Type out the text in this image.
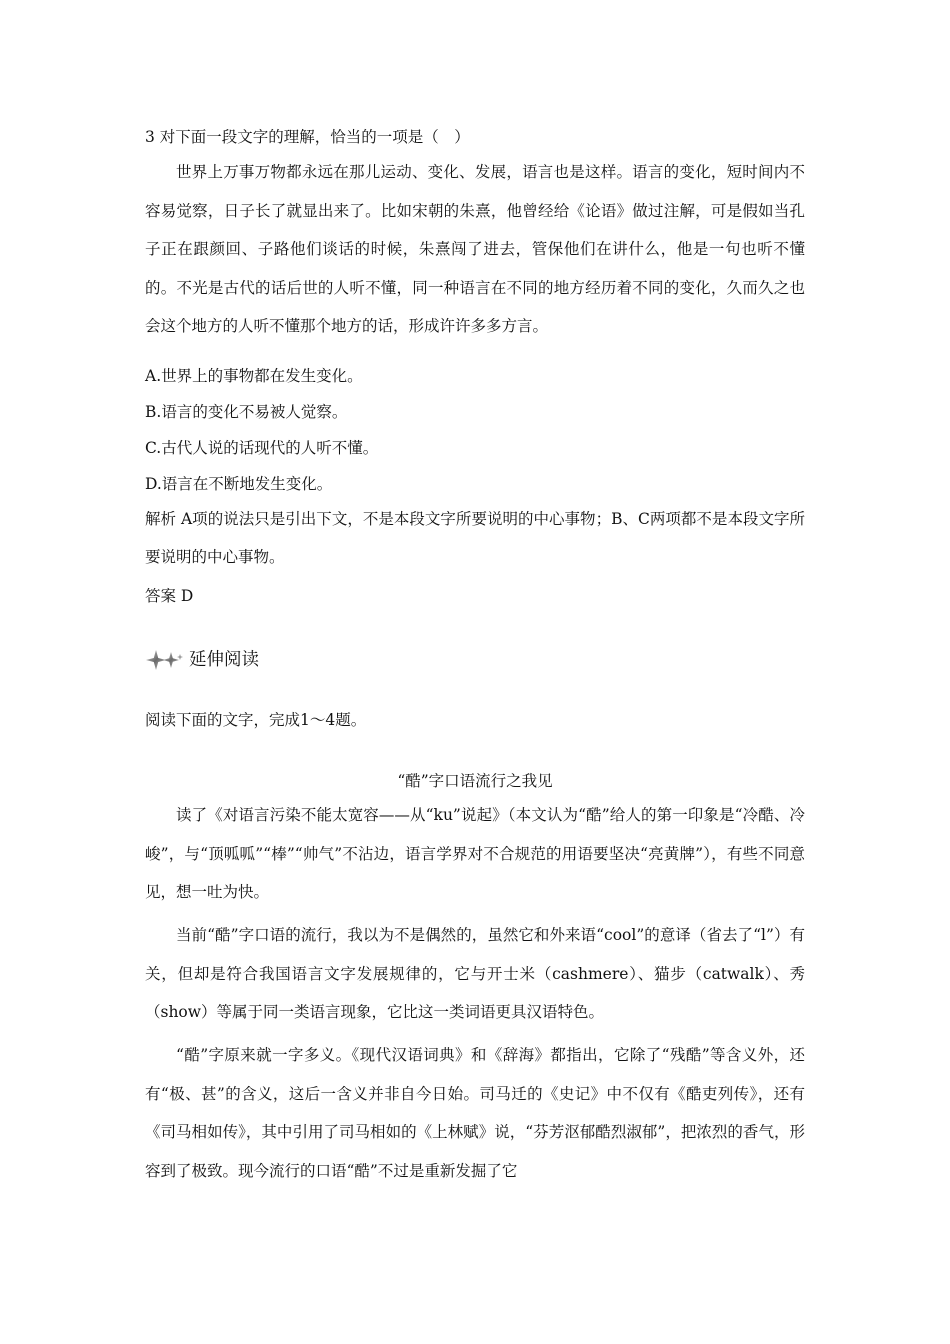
3 对下面一段文字的理解，恰当的一项是（　）

世界上万事万物都永远在那儿运动、变化、发展，语言也是这样。语言的变化，短时间内不容易觉察，日子长了就显出来了。比如宋朝的朱熹，他曾经给《论语》做过注解，可是假如当孔子正在跟颜回、子路他们谈话的时候，朱熹闯了进去，管保他们在讲什么，他是一句也听不懂的。不光是古代的话后世的人听不懂，同一种语言在不同的地方经历着不同的变化，久而久之也会这个地方的人听不懂那个地方的话，形成许许多多方言。

A.世界上的事物都在发生变化。

B.语言的变化不易被人觉察。

C.古代人说的话现代的人听不懂。

D.语言在不断地发生变化。

解析 A项的说法只是引出下文，不是本段文字所要说明的中心事物；B、C两项都不是本段文字所要说明的中心事物。

答案 D

延伸阅读

阅读下面的文字，完成1～4题。

“酷”字口语流行之我见

读了《对语言污染不能太宽容——从“ku”说起》（本文认为“酷”给人的第一印象是“冷酷、冷峻”，与“顶呱呱”“棒”“帅气”不沾边，语言学界对不合规范的用语要坚决“亮黄牌”），有些不同意见，想一吐为快。

当前“酷”字口语的流行，我以为不是偶然的，虽然它和外来语“cool”的意译（省去了“l”）有关，但却是符合我国语言文字发展规律的，它与开士米（cashmere）、猫步（catwalk）、秀（show）等属于同一类语言现象，它比这一类词语更具汉语特色。

“酷”字原来就一字多义。《现代汉语词典》和《辞海》都指出，它除了“残酷”等含义外，还有“极、甚”的含义，这后一含义并非自今日始。司马迁的《史记》中不仅有《酷吏列传》，还有《司马相如传》，其中引用了司马相如的《上林赋》说，“芬芳沤郁酷烈淑郁”，把浓烈的香气，形容到了极致。现今流行的口语“酷”不过是重新发掘了它
